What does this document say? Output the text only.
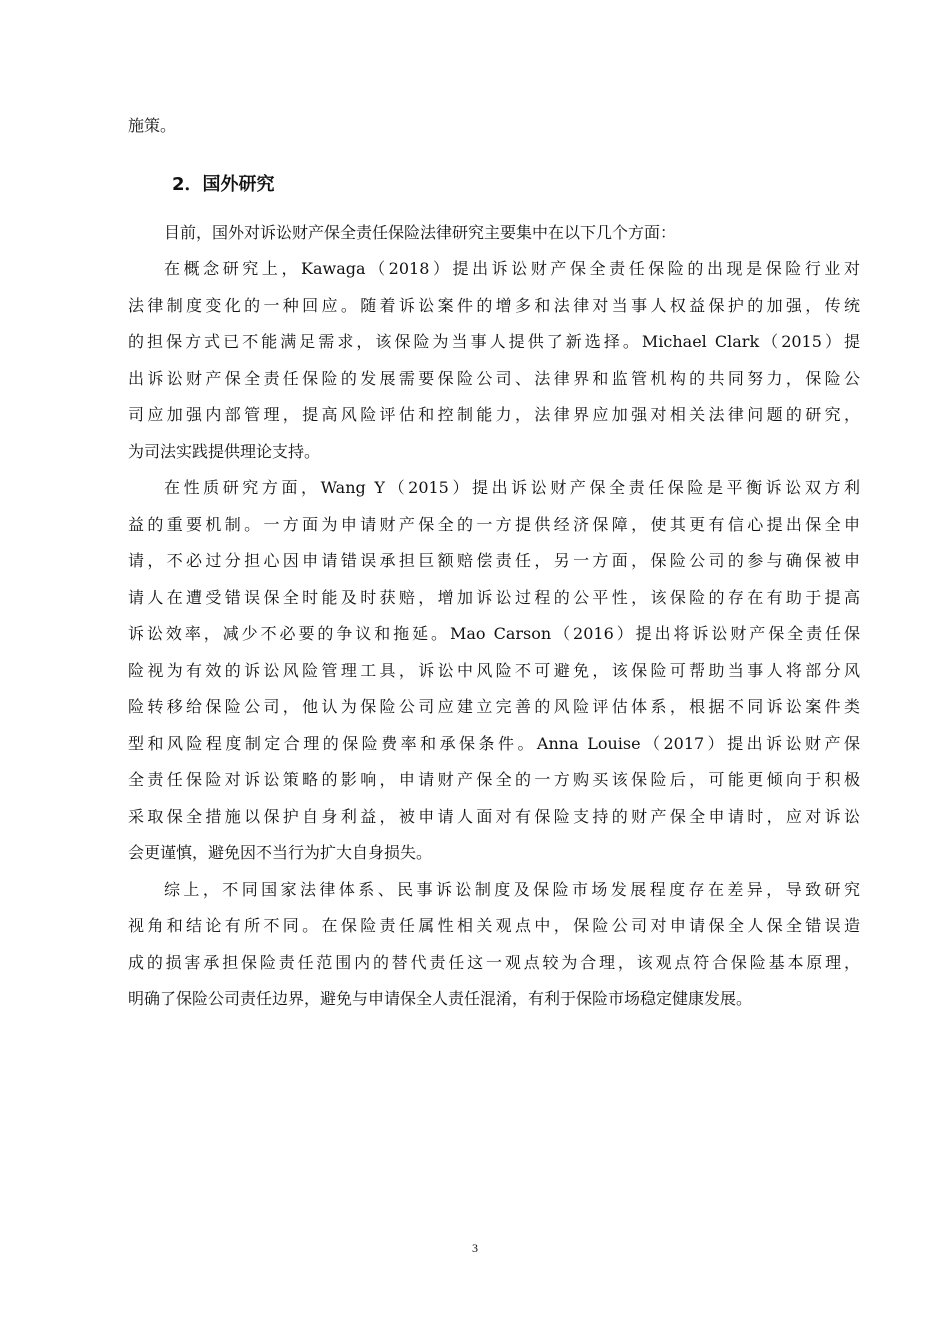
施策。

2．国外研究

目前，国外对诉讼财产保全责任保险法律研究主要集中在以下几个方面：

在概念研究上，Kawaga（2018）提出诉讼财产保全责任保险的出现是保险行业对

法律制度变化的一种回应。随着诉讼案件的增多和法律对当事人权益保护的加强，传统

的担保方式已不能满足需求，该保险为当事人提供了新选择。Michael Clark（2015）提

出诉讼财产保全责任保险的发展需要保险公司、法律界和监管机构的共同努力，保险公

司应加强内部管理，提高风险评估和控制能力，法律界应加强对相关法律问题的研究，

为司法实践提供理论支持。

在性质研究方面，Wang Y（2015）提出诉讼财产保全责任保险是平衡诉讼双方利

益的重要机制。一方面为申请财产保全的一方提供经济保障，使其更有信心提出保全申

请，不必过分担心因申请错误承担巨额赔偿责任，另一方面，保险公司的参与确保被申

请人在遭受错误保全时能及时获赔，增加诉讼过程的公平性，该保险的存在有助于提高

诉讼效率，减少不必要的争议和拖延。Mao Carson（2016）提出将诉讼财产保全责任保

险视为有效的诉讼风险管理工具，诉讼中风险不可避免，该保险可帮助当事人将部分风

险转移给保险公司，他认为保险公司应建立完善的风险评估体系，根据不同诉讼案件类

型和风险程度制定合理的保险费率和承保条件。Anna Louise（2017）提出诉讼财产保

全责任保险对诉讼策略的影响，申请财产保全的一方购买该保险后，可能更倾向于积极

采取保全措施以保护自身利益，被申请人面对有保险支持的财产保全申请时，应对诉讼

会更谨慎，避免因不当行为扩大自身损失。

综上，不同国家法律体系、民事诉讼制度及保险市场发展程度存在差异，导致研究

视角和结论有所不同。在保险责任属性相关观点中，保险公司对申请保全人保全错误造

成的损害承担保险责任范围内的替代责任这一观点较为合理，该观点符合保险基本原理，

明确了保险公司责任边界，避免与申请保全人责任混淆，有利于保险市场稳定健康发展。

3
